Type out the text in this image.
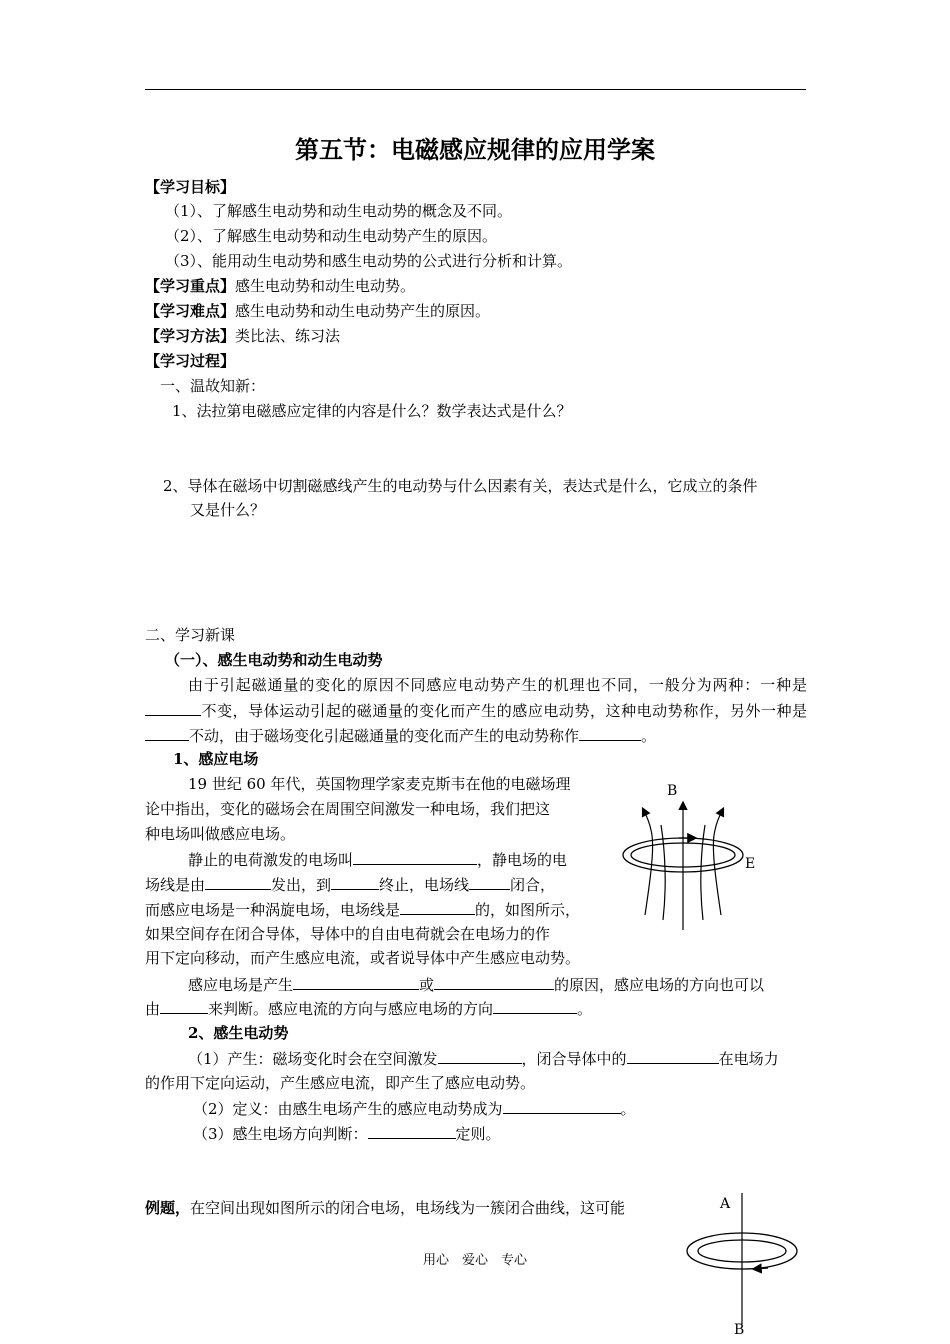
第五节：电磁感应规律的应用学案
【学习目标】
（1）、了解感生电动势和动生电动势的概念及不同。
（2）、了解感生电动势和动生电动势产生的原因。
（3）、能用动生电动势和感生电动势的公式进行分析和计算。
【学习重点】感生电动势和动生电动势。
【学习难点】感生电动势和动生电动势产生的原因。
【学习方法】类比法、练习法
【学习过程】
一、温故知新：
1、法拉第电磁感应定律的内容是什么？数学表达式是什么？
2、导体在磁场中切割磁感线产生的电动势与什么因素有关，表达式是什么，它成立的条件
又是什么？
二、学习新课
（一）、感生电动势和动生电动势
由于引起磁通量的变化的原因不同感应电动势产生的机理也不同，一般分为两种：一种是不变，导体运动引起的磁通量的变化而产生的感应电动势，这种电动势称作，另外一种是不动，由于磁场变化引起磁通量的变化而产生的电动势称作	。
1、感应电场
19 世纪 60 年代，英国物理学家麦克斯韦在他的电磁场理
论中指出，变化的磁场会在周围空间激发一种电场，我们把这
种电场叫做感应电场。
静止的电荷激发的电场叫	，静电场的电
场线是由	发出，到	终止，电场线	闭合，
而感应电场是一种涡旋电场，电场线是	的，如图所示，
如果空间存在闭合导体，导体中的自由电荷就会在电场力的作
用下定向移动，而产生感应电流，或者说导体中产生感应电动势。
感应电场是产生	或	的原因，感应电场的方向也可以
由	来判断。感应电流的方向与感应电场的方向	。
2、感生电动势
（1）产生：磁场变化时会在空间激发	，闭合导体中的	在电场力
的作用下定向运动，产生感应电流，即产生了感应电动势。
（2）定义：由感生电场产生的感应电动势成为	。
（3）感生电场方向判断：	定则。
例题，在空间出现如图所示的闭合电场，电场线为一簇闭合曲线，这可能
B
E
A
B
用心　爱心　专心
